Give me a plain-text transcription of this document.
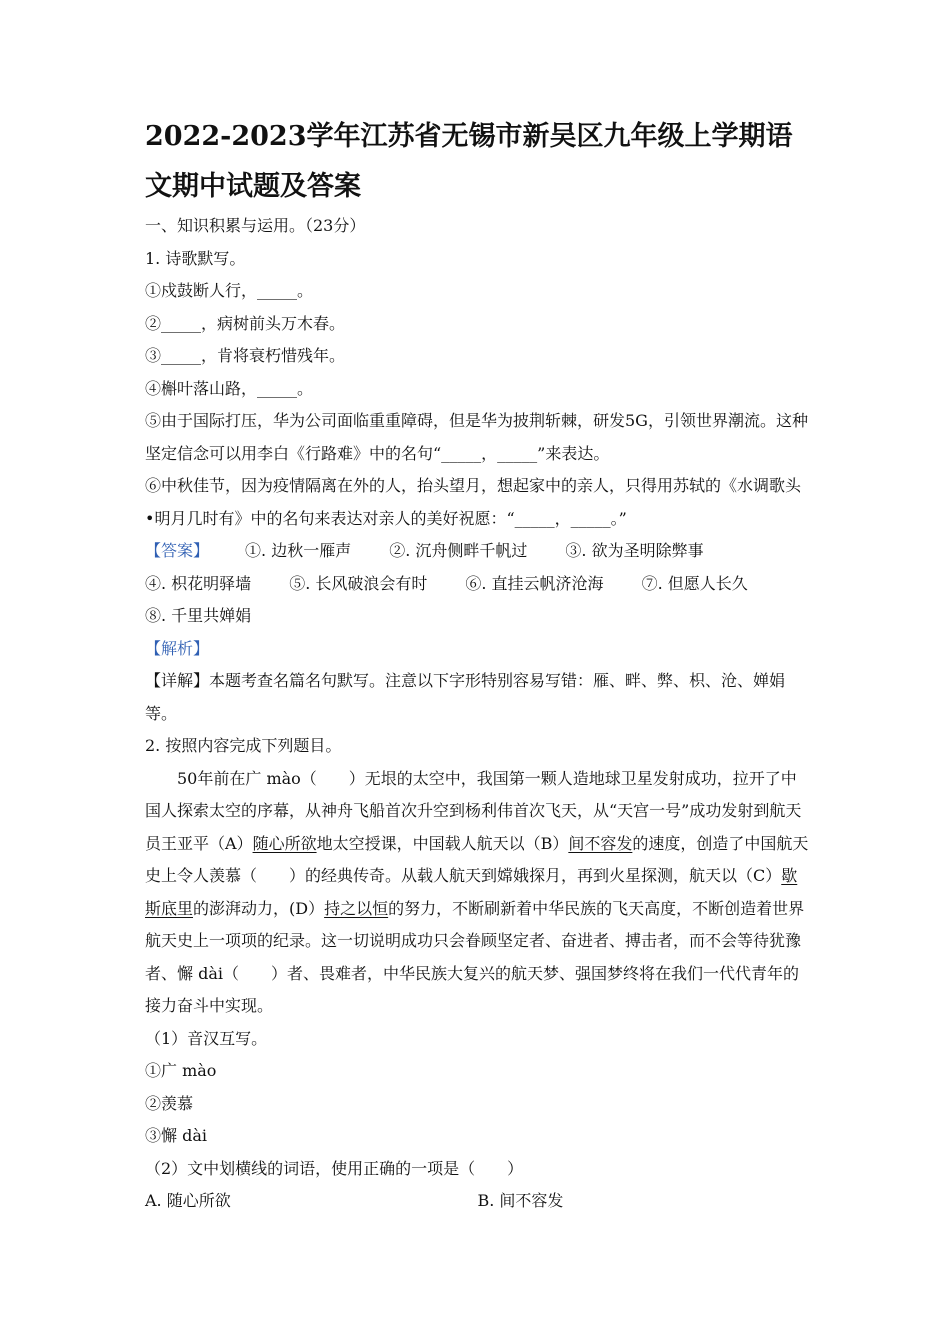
2022-2023学年江苏省无锡市新吴区九年级上学期语文期中试题及答案

一、知识积累与运用。（23分）

1. 诗歌默写。

①戍鼓断人行，_____。

②_____，病树前头万木春。

③_____，肯将衰朽惜残年。

④槲叶落山路，_____。

⑤由于国际打压，华为公司面临重重障碍，但是华为披荆斩棘，研发5G，引领世界潮流。这种坚定信念可以用李白《行路难》中的名句“_____，_____”来表达。

⑥中秋佳节，因为疫情隔离在外的人，抬头望月，想起家中的亲人，只得用苏轼的《水调歌头•明月几时有》中的名句来表达对亲人的美好祝愿：“_____，_____。”

【答案】 ①. 边秋一雁声 ②. 沉舟侧畔千帆过 ③. 欲为圣明除弊事
④. 枳花明驿墙 ⑤. 长风破浪会有时 ⑥. 直挂云帆济沧海 ⑦. 但愿人长久
⑧. 千里共婵娟

【解析】

【详解】本题考查名篇名句默写。注意以下字形特别容易写错：雁、畔、弊、枳、沧、婵娟等。

2. 按照内容完成下列题目。

50年前在广 mào（　　）无垠的太空中，我国第一颗人造地球卫星发射成功，拉开了中国人探索太空的序幕，从神舟飞船首次升空到杨利伟首次飞天，从“天宫一号”成功发射到航天员王亚平（A）随心所欲地太空授课，中国载人航天以（B）间不容发的速度，创造了中国航天史上令人羡慕（　　）的经典传奇。从载人航天到嫦娥探月，再到火星探测，航天以（C）歇斯底里的澎湃动力，(D）持之以恒的努力，不断刷新着中华民族的飞天高度，不断创造着世界航天史上一项项的纪录。这一切说明成功只会眷顾坚定者、奋进者、搏击者，而不会等待犹豫者、懈 dài（　　）者、畏难者，中华民族大复兴的航天梦、强国梦终将在我们一代代青年的接力奋斗中实现。

（1）音汉互写。

①广 mào

②羡慕

③懈 dài

（2）文中划横线的词语，使用正确的一项是（　　）

A. 随心所欲	B. 间不容发
